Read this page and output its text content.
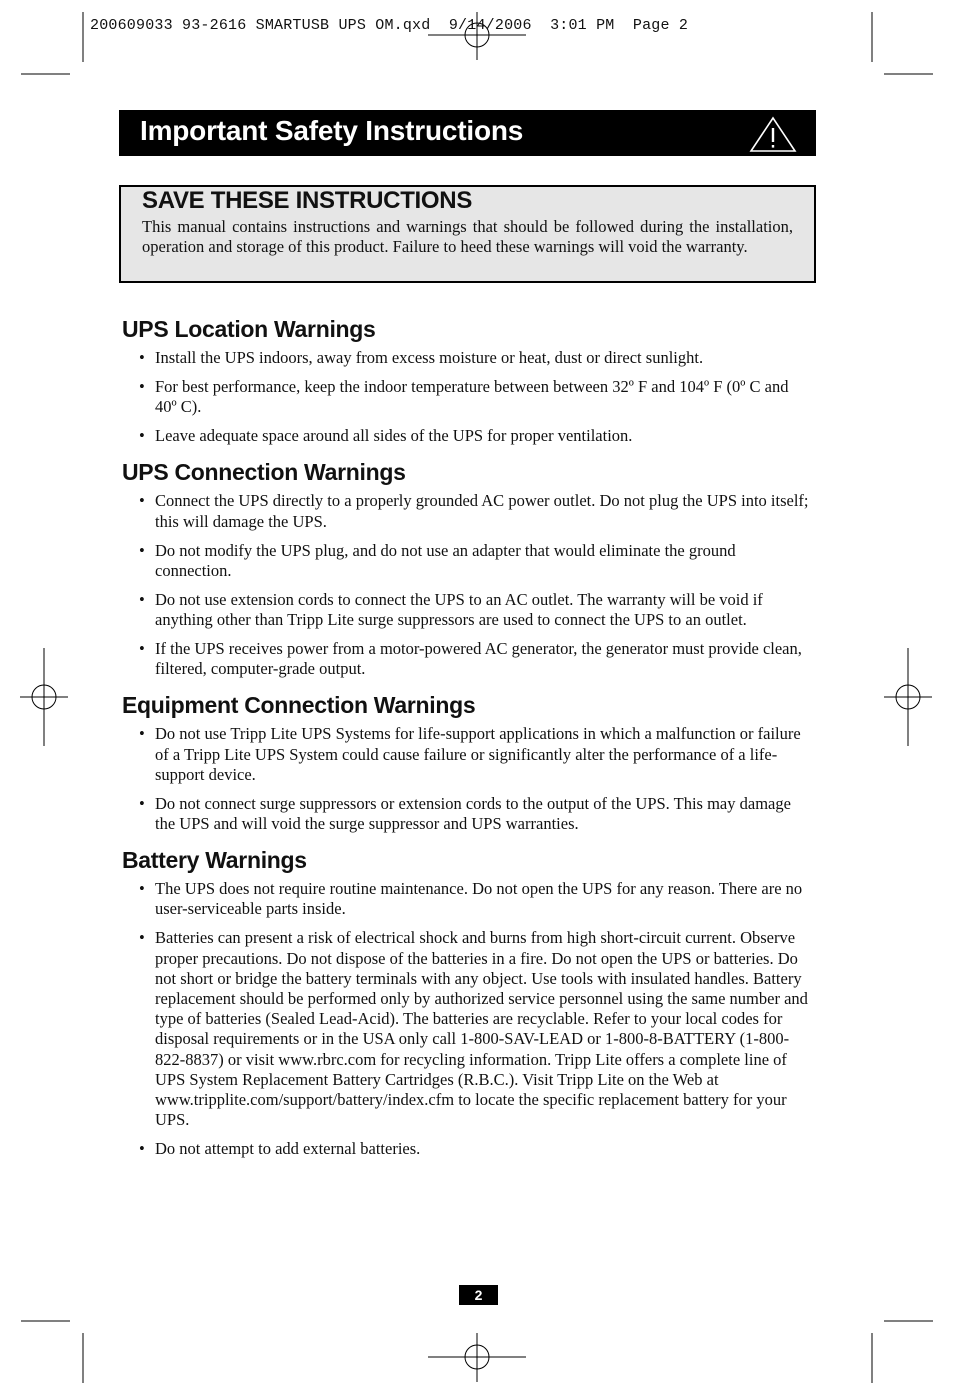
200609033 93-2616 SMARTUSB UPS OM.qxd  9/14/2006  3:01 PM  Page 2
Important Safety Instructions
SAVE THESE INSTRUCTIONS
This manual contains instructions and warnings that should be followed during the installation, operation and storage of this product. Failure to heed these warnings will void the warranty.
UPS Location Warnings
• Install the UPS indoors, away from excess moisture or heat, dust or direct sunlight.
• For best performance, keep the indoor temperature between between 32º F and 104º F (0º C and 40º C).
• Leave adequate space around all sides of the UPS for proper ventilation.
UPS Connection Warnings
• Connect the UPS directly to a properly grounded AC power outlet. Do not plug the UPS into itself; this will damage the UPS.
• Do not modify the UPS plug, and do not use an adapter that would eliminate the ground connection.
• Do not use extension cords to connect the UPS to an AC outlet. The warranty will be void if anything other than Tripp Lite surge suppressors are used to connect the UPS to an outlet.
• If the UPS receives power from a motor-powered AC generator, the generator must provide clean, filtered, computer-grade output.
Equipment Connection Warnings
• Do not use Tripp Lite UPS Systems for life-support applications in which a malfunction or failure of a Tripp Lite UPS System could cause failure or significantly alter the performance of a life-support device.
• Do not connect surge suppressors or extension cords to the output of the UPS. This may damage the UPS and will void the surge suppressor and UPS warranties.
Battery Warnings
• The UPS does not require routine maintenance. Do not open the UPS for any reason. There are no user-serviceable parts inside.
• Batteries can present a risk of electrical shock and burns from high short-circuit current. Observe proper precautions. Do not dispose of the batteries in a fire. Do not open the UPS or batteries. Do not short or bridge the battery terminals with any object. Use tools with insulated handles. Battery replacement should be performed only by authorized service personnel using the same number and type of batteries (Sealed Lead-Acid). The batteries are recyclable. Refer to your local codes for disposal requirements or in the USA only call 1-800-SAV-LEAD or 1-800-8-BATTERY (1-800-822-8837) or visit www.rbrc.com for recycling information. Tripp Lite offers a complete line of UPS System Replacement Battery Cartridges (R.B.C.). Visit Tripp Lite on the Web at www.tripplite.com/support/battery/index.cfm to locate the specific replacement battery for your UPS.
• Do not attempt to add external batteries.
2
